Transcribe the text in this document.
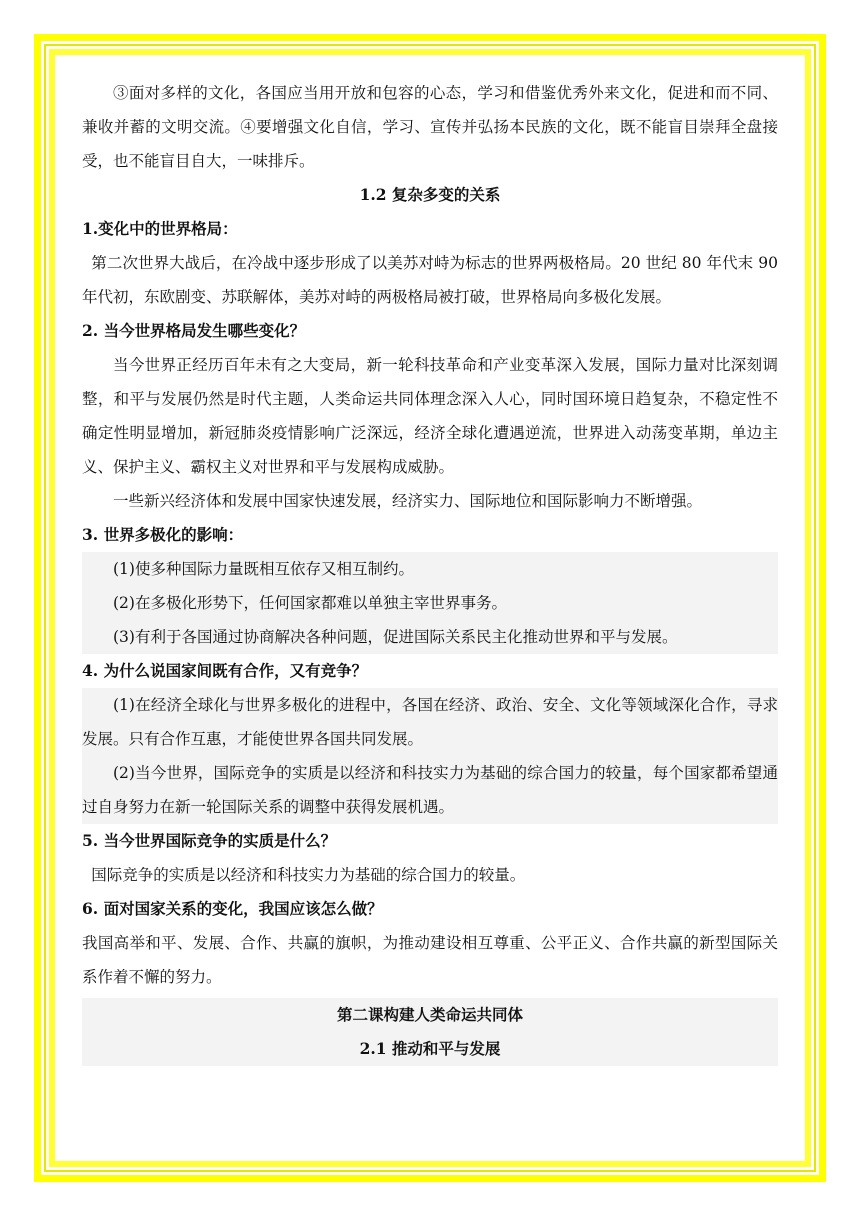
③面对多样的文化，各国应当用开放和包容的心态，学习和借鉴优秀外来文化，促进和而不同、兼收并蓄的文明交流。④要增强文化自信，学习、宣传并弘扬本民族的文化，既不能盲目崇拜全盘接受，也不能盲目自大，一味排斥。

1.2 复杂多变的关系

1.变化中的世界格局：

第二次世界大战后，在冷战中逐步形成了以美苏对峙为标志的世界两极格局。20 世纪 80 年代末 90 年代初，东欧剧变、苏联解体，美苏对峙的两极格局被打破，世界格局向多极化发展。

2. 当今世界格局发生哪些变化？

当今世界正经历百年未有之大变局，新一轮科技革命和产业变革深入发展，国际力量对比深刻调整，和平与发展仍然是时代主题，人类命运共同体理念深入人心，同时国环境日趋复杂，不稳定性不确定性明显增加，新冠肺炎疫情影响广泛深远，经济全球化遭遇逆流，世界进入动荡变革期，单边主义、保护主义、霸权主义对世界和平与发展构成威胁。

一些新兴经济体和发展中国家快速发展，经济实力、国际地位和国际影响力不断增强。

3. 世界多极化的影响：

(1)使多种国际力量既相互依存又相互制约。

(2)在多极化形势下，任何国家都难以单独主宰世界事务。

(3)有利于各国通过协商解决各种问题，促进国际关系民主化推动世界和平与发展。

4. 为什么说国家间既有合作，又有竞争？

(1)在经济全球化与世界多极化的进程中，各国在经济、政治、安全、文化等领域深化合作，寻求发展。只有合作互惠，才能使世界各国共同发展。

(2)当今世界，国际竞争的实质是以经济和科技实力为基础的综合国力的较量，每个国家都希望通过自身努力在新一轮国际关系的调整中获得发展机遇。

5. 当今世界国际竞争的实质是什么？

国际竞争的实质是以经济和科技实力为基础的综合国力的较量。

6. 面对国家关系的变化，我国应该怎么做？

我国高举和平、发展、合作、共赢的旗帜，为推动建设相互尊重、公平正义、合作共赢的新型国际关系作着不懈的努力。

第二课构建人类命运共同体

2.1 推动和平与发展
